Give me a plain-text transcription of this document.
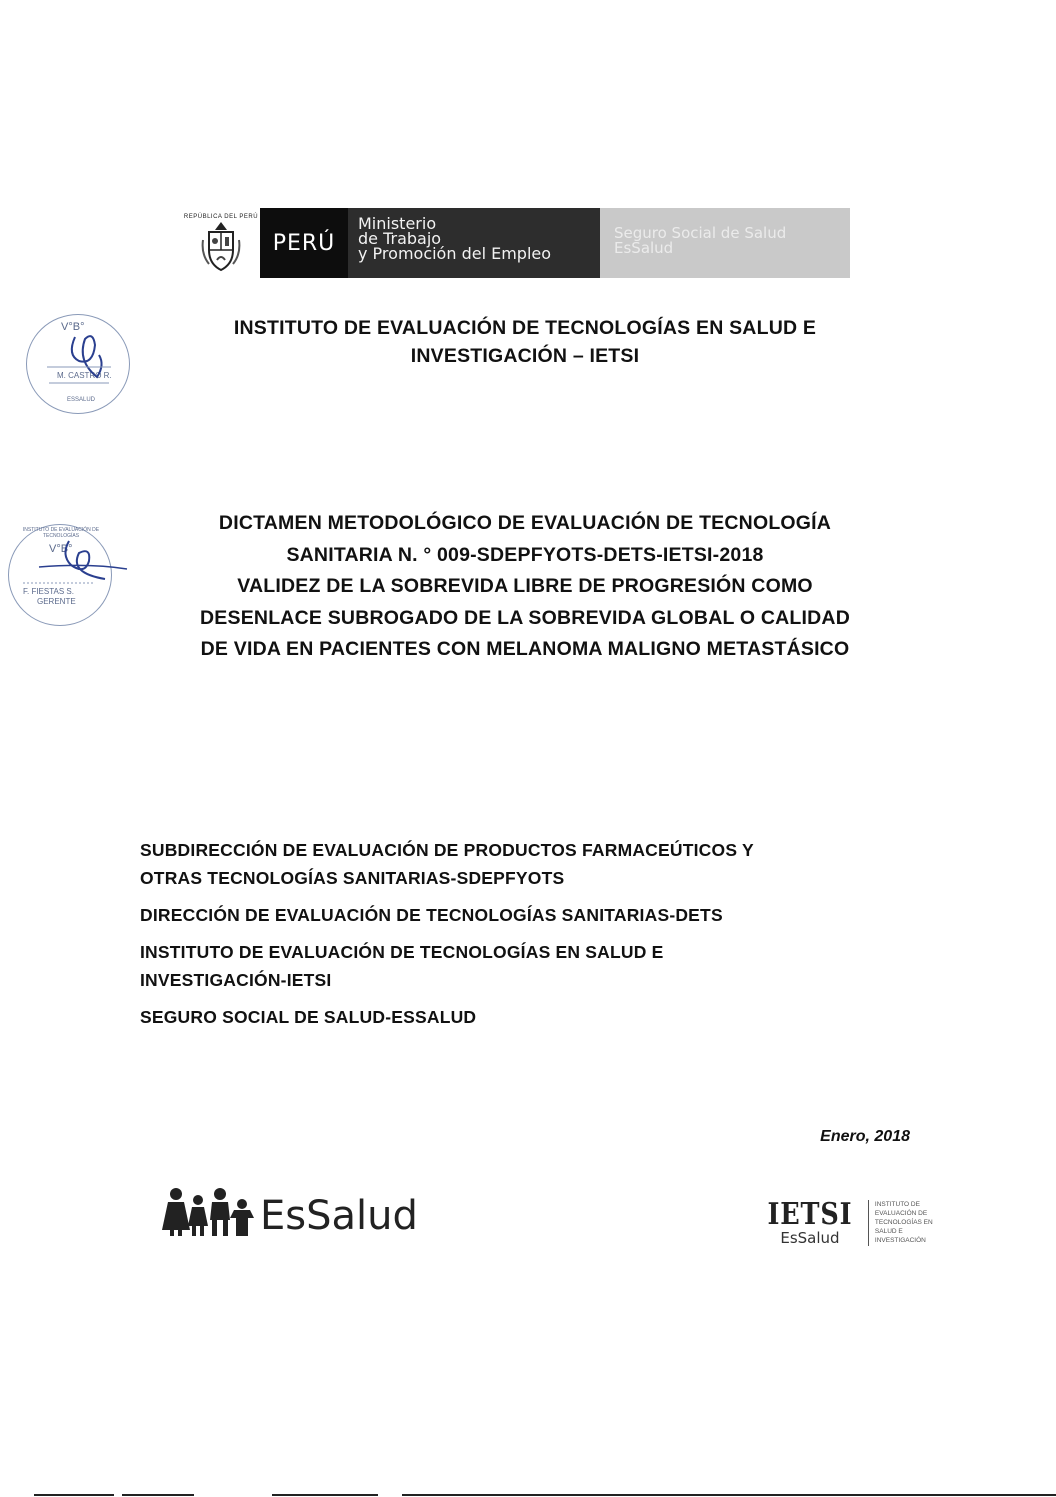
REPÚBLICA DEL PERÚ
PERÚ
Ministerio
de Trabajo
y Promoción del Empleo
Seguro Social de Salud
EsSalud
V°B°
M. CASTRO R.
ESSALUD
V°B°
F. FIESTAS S.
GERENTE
INSTITUTO DE EVALUACIÓN DE TECNOLOGÍAS
INSTITUTO DE EVALUACIÓN DE TECNOLOGÍAS EN SALUD E
INVESTIGACIÓN – IETSI
DICTAMEN METODOLÓGICO DE EVALUACIÓN DE TECNOLOGÍA
SANITARIA N. ° 009-SDEPFYOTS-DETS-IETSI-2018
VALIDEZ DE LA SOBREVIDA LIBRE DE PROGRESIÓN COMO
DESENLACE SUBROGADO DE LA SOBREVIDA GLOBAL O CALIDAD
DE VIDA EN PACIENTES CON MELANOMA MALIGNO METASTÁSICO
SUBDIRECCIÓN DE EVALUACIÓN DE PRODUCTOS FARMACEÚTICOS Y
OTRAS TECNOLOGÍAS SANITARIAS-SDEPFYOTS
DIRECCIÓN DE EVALUACIÓN DE TECNOLOGÍAS SANITARIAS-DETS
INSTITUTO DE EVALUACIÓN DE TECNOLOGÍAS EN SALUD E
INVESTIGACIÓN-IETSI
SEGURO SOCIAL DE SALUD-ESSALUD
Enero, 2018
EsSalud	IETSI
EsSalud
INSTITUTO DE
EVALUACIÓN DE
TECNOLOGÍAS EN
SALUD E
INVESTIGACIÓN
